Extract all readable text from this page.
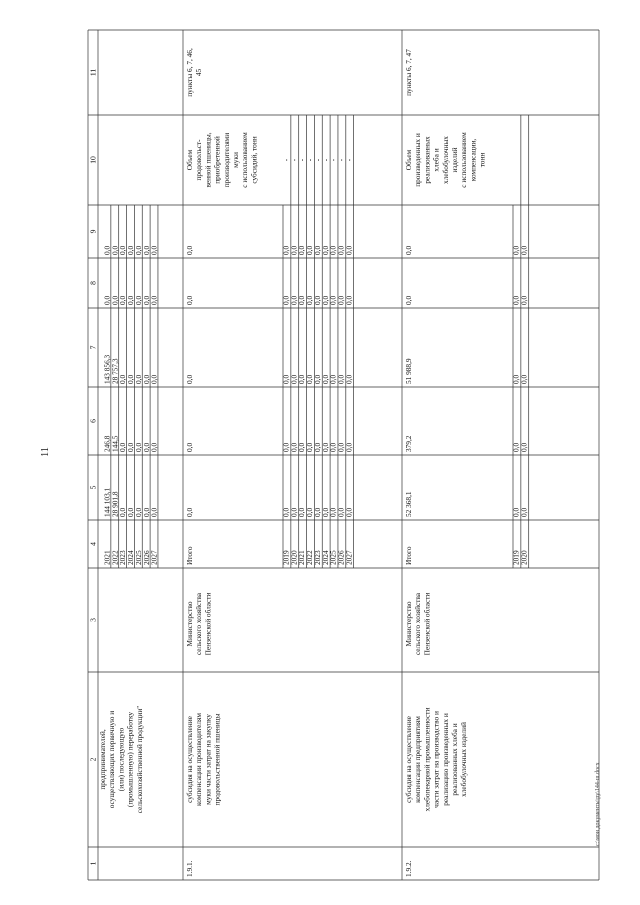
11
c:\мои документы\ру\144-ш.docx
1
2
3
4
5
6
7
8
9
10
11
предпринимателей, осуществляющих первичную и (или) последующую (промышленную) переработку сельскохозяйственной продукции"
2021
144 103,1
246,8
143 856,3
0,0
0,0
2022
28 901,8
144,5
28 757,3
0,0
0,0
2023
0,0
0,0
0,0
0,0
0,0
2024
0,0
0,0
0,0
0,0
0,0
2025
0,0
0,0
0,0
0,0
0,0
2026
0,0
0,0
0,0
0,0
0,0
2027
0,0
0,0
0,0
0,0
0,0
1.9.1.
субсидия на осуществление компенсации производителям муки части затрат на закупку продовольственной пшеницы
Министерство сельского хозяйства Пензенской области
Итого
0,0
0,0
0,0
0,0
0,0
Объем продовольст- венной пшеницы, приобретенной производителями муки с использованием субсидий, тонн
пункты 6, 7, 46, 45
2019
0,0
0,0
0,0
0,0
0,0
-
2020
0,0
0,0
0,0
0,0
0,0
-
2021
0,0
0,0
0,0
0,0
0,0
-
2022
0,0
0,0
0,0
0,0
0,0
-
2023
0,0
0,0
0,0
0,0
0,0
-
2024
0,0
0,0
0,0
0,0
0,0
-
2025
0,0
0,0
0,0
0,0
0,0
-
2026
0,0
0,0
0,0
0,0
0,0
-
2027
0,0
0,0
0,0
0,0
0,0
-
1.9.2.
субсидия на осуществление компенсации предприятиям хлебопекарной промышленности части затрат на производство и реализацию произведенных и реализованных хлеба и хлебобулочных изделий
Министерство сельского хозяйства Пензенской области
Итого
52 368,1
379,2
51 988,9
0,0
0,0
Объем произведенных и реализованных хлеба и хлебобулочных изделий с использованием компенсации, тонн
пункты 6, 7, 47
2019
0,0
0,0
0,0
0,0
0,0
2020
0,0
0,0
0,0
0,0
0,0
